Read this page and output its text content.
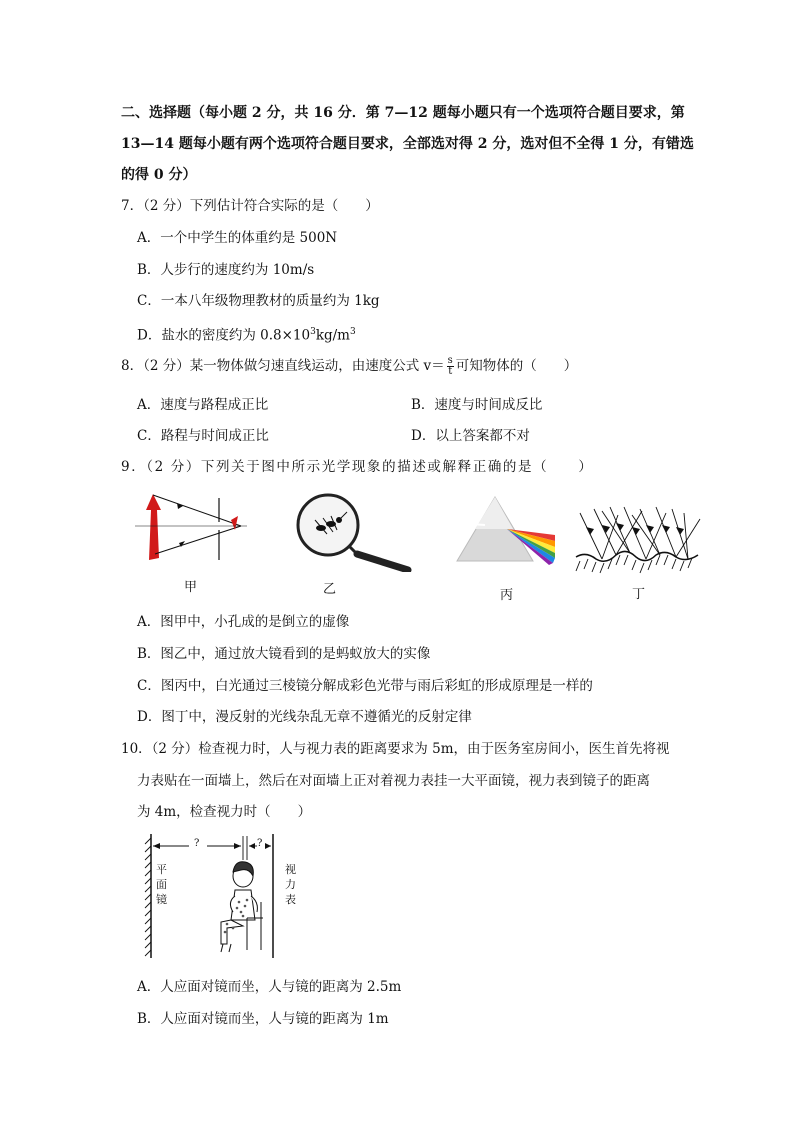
二、选择题（每小题 2 分，共 16 分．第 7—12 题每小题只有一个选项符合题目要求，第
13—14 题每小题有两个选项符合题目要求，全部选对得 2 分，选对但不全得 1 分，有错选
的得 0 分）
7．（2 分）下列估计符合实际的是（　　）
A．一个中学生的体重约是 500N
B．人步行的速度约为 10m/s
C．一本八年级物理教材的质量约为 1kg
D．盐水的密度约为 $0.8\times 10^3kg/m^3$
8．（2 分）某一物体做匀速直线运动，由速度公式 $v= \frac{s}{t}$ 可知物体的（　　）
A．速度与路程成正比	B．速度与时间成反比
C．路程与时间成正比	D．以上答案都不对
9．（2 分）下列关于图中所示光学现象的描述或解释正确的是（　　）
甲	乙	丙	丁
A．图甲中，小孔成的是倒立的虚像
B．图乙中，通过放大镜看到的是蚂蚁放大的实像
C．图丙中，白光通过三棱镜分解成彩色光带与雨后彩虹的形成原理是一样的
D．图丁中，漫反射的光线杂乱无章不遵循光的反射定律
10．（2 分）检查视力时，人与视力表的距离要求为 5m，由于医务室房间小，医生首先将视
力表贴在一面墙上，然后在对面墙上正对着视力表挂一大平面镜，视力表到镜子的距离
为 4m，检查视力时（　　）
?	?
平面镜
视力表
A．人应面对镜而坐，人与镜的距离为 2.5m
B．人应面对镜而坐，人与镜的距离为 1m
